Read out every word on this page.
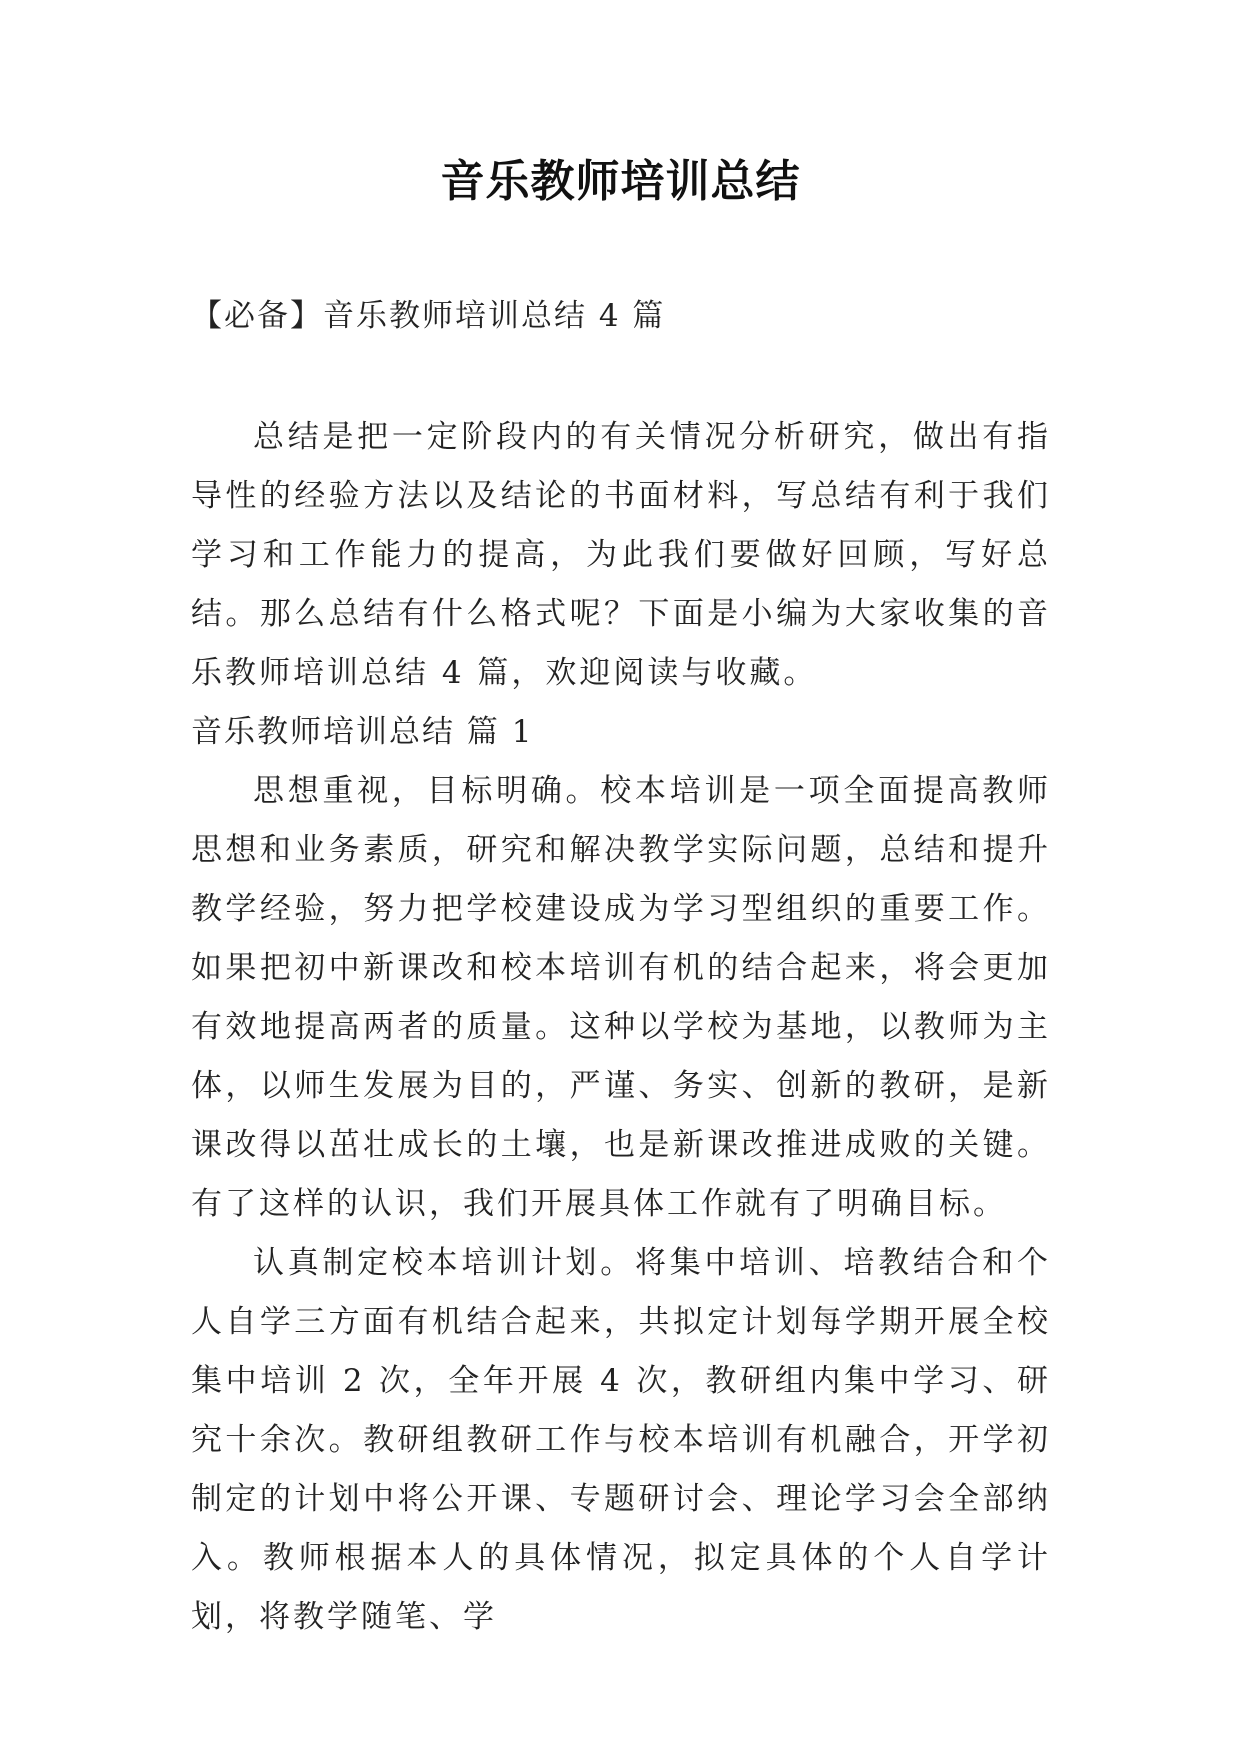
音乐教师培训总结
【必备】音乐教师培训总结 4 篇

总结是把一定阶段内的有关情况分析研究，做出有指导性的经验方法以及结论的书面材料，写总结有利于我们学习和工作能力的提高，为此我们要做好回顾，写好总结。那么总结有什么格式呢？下面是小编为大家收集的音乐教师培训总结 4 篇，欢迎阅读与收藏。

音乐教师培训总结 篇 1

思想重视，目标明确。校本培训是一项全面提高教师思想和业务素质，研究和解决教学实际问题，总结和提升教学经验，努力把学校建设成为学习型组织的重要工作。如果把初中新课改和校本培训有机的结合起来，将会更加有效地提高两者的质量。这种以学校为基地，以教师为主体，以师生发展为目的，严谨、务实、创新的教研，是新课改得以茁壮成长的土壤，也是新课改推进成败的关键。有了这样的认识，我们开展具体工作就有了明确目标。

认真制定校本培训计划。将集中培训、培教结合和个人自学三方面有机结合起来，共拟定计划每学期开展全校集中培训 2 次，全年开展 4 次，教研组内集中学习、研究十余次。教研组教研工作与校本培训有机融合，开学初制定的计划中将公开课、专题研讨会、理论学习会全部纳入。教师根据本人的具体情况，拟定具体的个人自学计划，将教学随笔、学
